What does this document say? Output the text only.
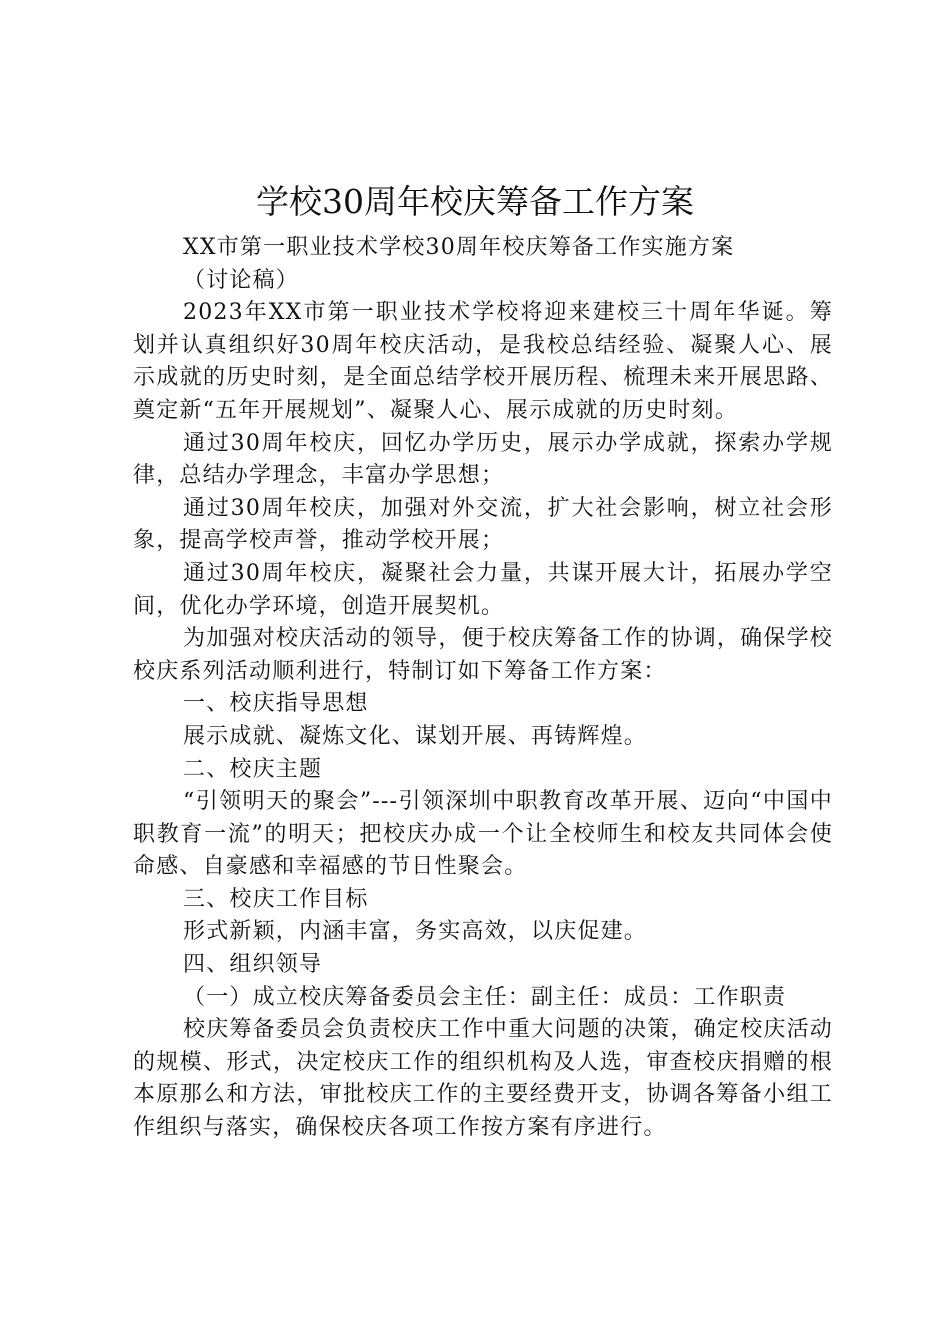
学校30周年校庆筹备工作方案

XX市第一职业技术学校30周年校庆筹备工作实施方案

（讨论稿）

2023年XX市第一职业技术学校将迎来建校三十周年华诞。筹划并认真组织好30周年校庆活动，是我校总结经验、凝聚人心、展示成就的历史时刻，是全面总结学校开展历程、梳理未来开展思路、奠定新“五年开展规划”、凝聚人心、展示成就的历史时刻。

通过30周年校庆，回忆办学历史，展示办学成就，探索办学规律，总结办学理念，丰富办学思想；

通过30周年校庆，加强对外交流，扩大社会影响，树立社会形象，提高学校声誉，推动学校开展；

通过30周年校庆，凝聚社会力量，共谋开展大计，拓展办学空间，优化办学环境，创造开展契机。

为加强对校庆活动的领导，便于校庆筹备工作的协调，确保学校校庆系列活动顺利进行，特制订如下筹备工作方案：

一、校庆指导思想

展示成就、凝炼文化、谋划开展、再铸辉煌。

二、校庆主题

“引领明天的聚会”---引领深圳中职教育改革开展、迈向“中国中职教育一流”的明天；把校庆办成一个让全校师生和校友共同体会使命感、自豪感和幸福感的节日性聚会。

三、校庆工作目标

形式新颖，内涵丰富，务实高效，以庆促建。

四、组织领导

（一）成立校庆筹备委员会主任：副主任：成员：工作职责

校庆筹备委员会负责校庆工作中重大问题的决策，确定校庆活动的规模、形式，决定校庆工作的组织机构及人选，审查校庆捐赠的根本原那么和方法，审批校庆工作的主要经费开支，协调各筹备小组工作组织与落实，确保校庆各项工作按方案有序进行。
